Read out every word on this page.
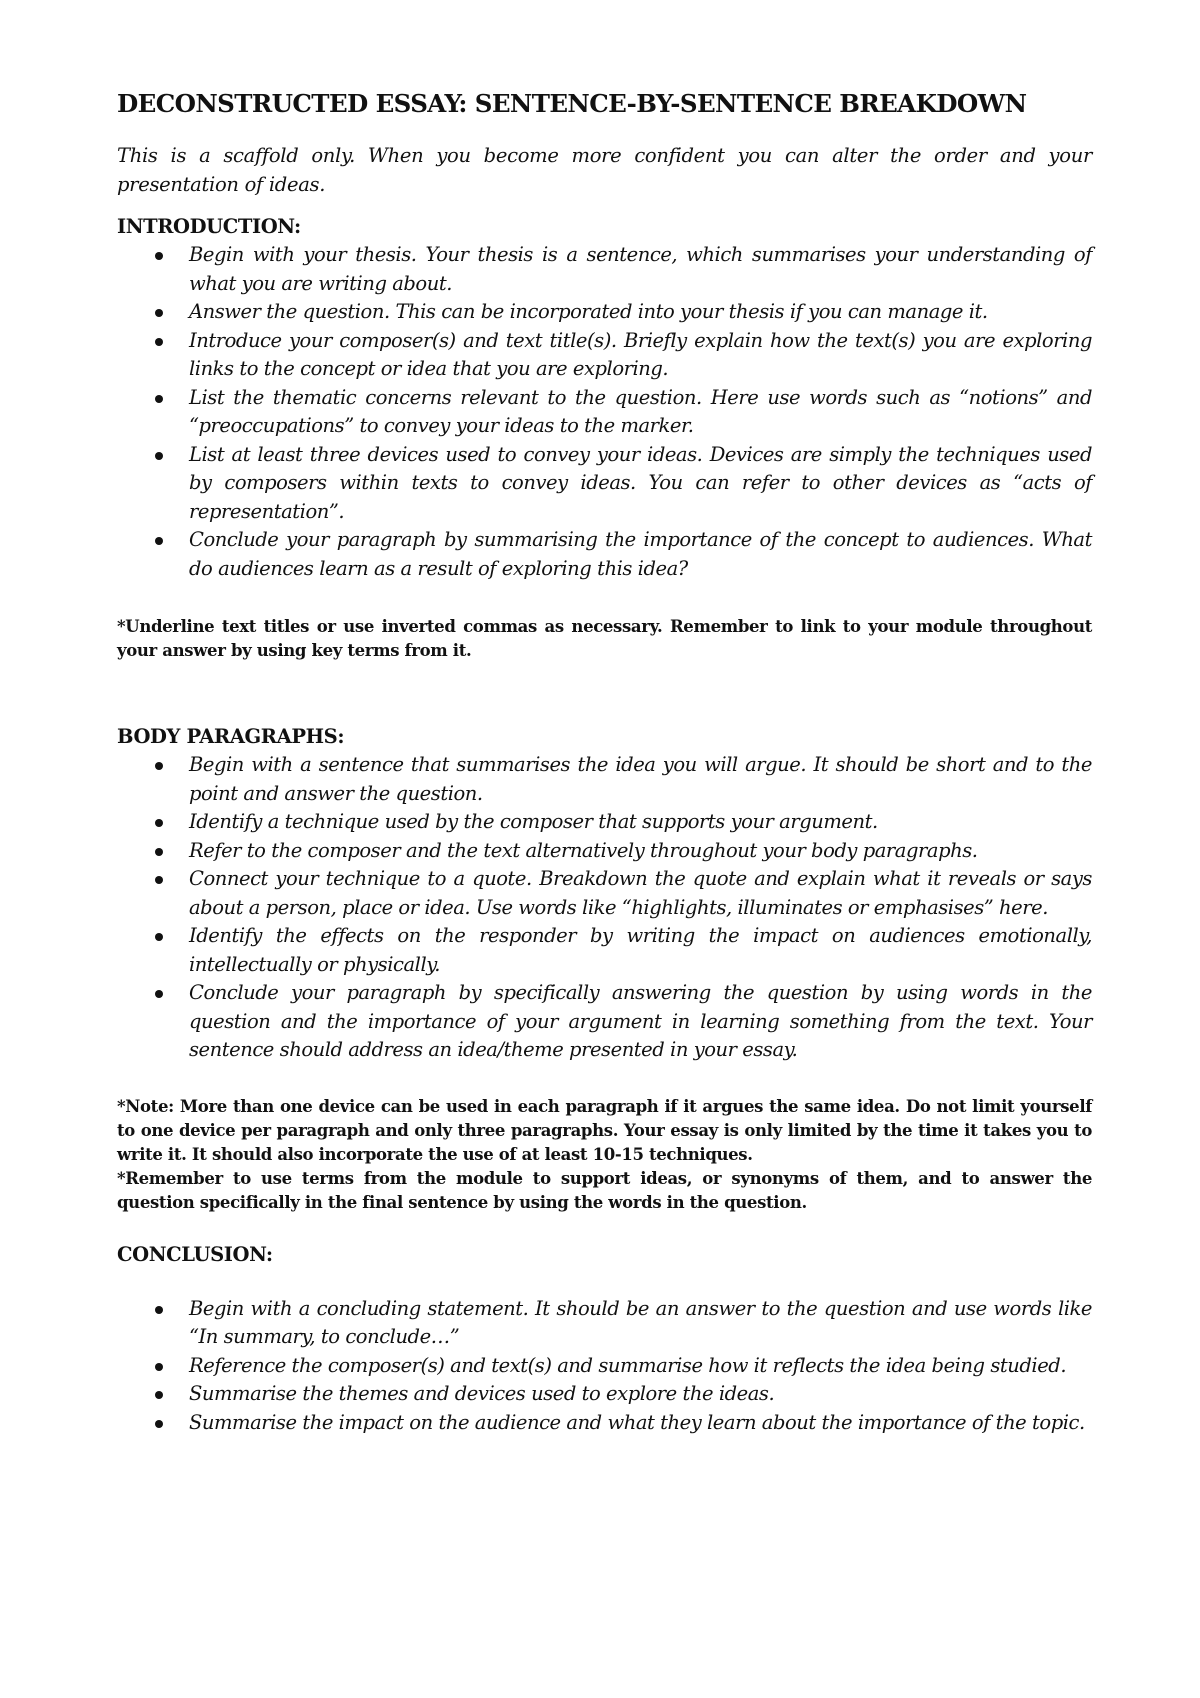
DECONSTRUCTED ESSAY: SENTENCE-BY-SENTENCE BREAKDOWN

This is a scaffold only. When you become more confident you can alter the order and your presentation of ideas.

INTRODUCTION:
Begin with your thesis. Your thesis is a sentence, which summarises your understanding of what you are writing about.
Answer the question. This can be incorporated into your thesis if you can manage it.
Introduce your composer(s) and text title(s). Briefly explain how the text(s) you are exploring links to the concept or idea that you are exploring.
List the thematic concerns relevant to the question. Here use words such as “notions” and “preoccupations” to convey your ideas to the marker.
List at least three devices used to convey your ideas. Devices are simply the techniques used by composers within texts to convey ideas. You can refer to other devices as “acts of representation”.
Conclude your paragraph by summarising the importance of the concept to audiences. What do audiences learn as a result of exploring this idea?

*Underline text titles or use inverted commas as necessary. Remember to link to your module throughout your answer by using key terms from it.

BODY PARAGRAPHS:
Begin with a sentence that summarises the idea you will argue. It should be short and to the point and answer the question.
Identify a technique used by the composer that supports your argument.
Refer to the composer and the text alternatively throughout your body paragraphs.
Connect your technique to a quote. Breakdown the quote and explain what it reveals or says about a person, place or idea. Use words like “highlights, illuminates or emphasises” here.
Identify the effects on the responder by writing the impact on audiences emotionally, intellectually or physically.
Conclude your paragraph by specifically answering the question by using words in the question and the importance of your argument in learning something from the text. Your sentence should address an idea/theme presented in your essay.

*Note: More than one device can be used in each paragraph if it argues the same idea. Do not limit yourself to one device per paragraph and only three paragraphs. Your essay is only limited by the time it takes you to write it. It should also incorporate the use of at least 10-15 techniques.

*Remember to use terms from the module to support ideas, or synonyms of them, and to answer the question specifically in the final sentence by using the words in the question.

CONCLUSION:
Begin with a concluding statement. It should be an answer to the question and use words like “In summary, to conclude…”
Reference the composer(s) and text(s) and summarise how it reflects the idea being studied.
Summarise the themes and devices used to explore the ideas.
Summarise the impact on the audience and what they learn about the importance of the topic.
